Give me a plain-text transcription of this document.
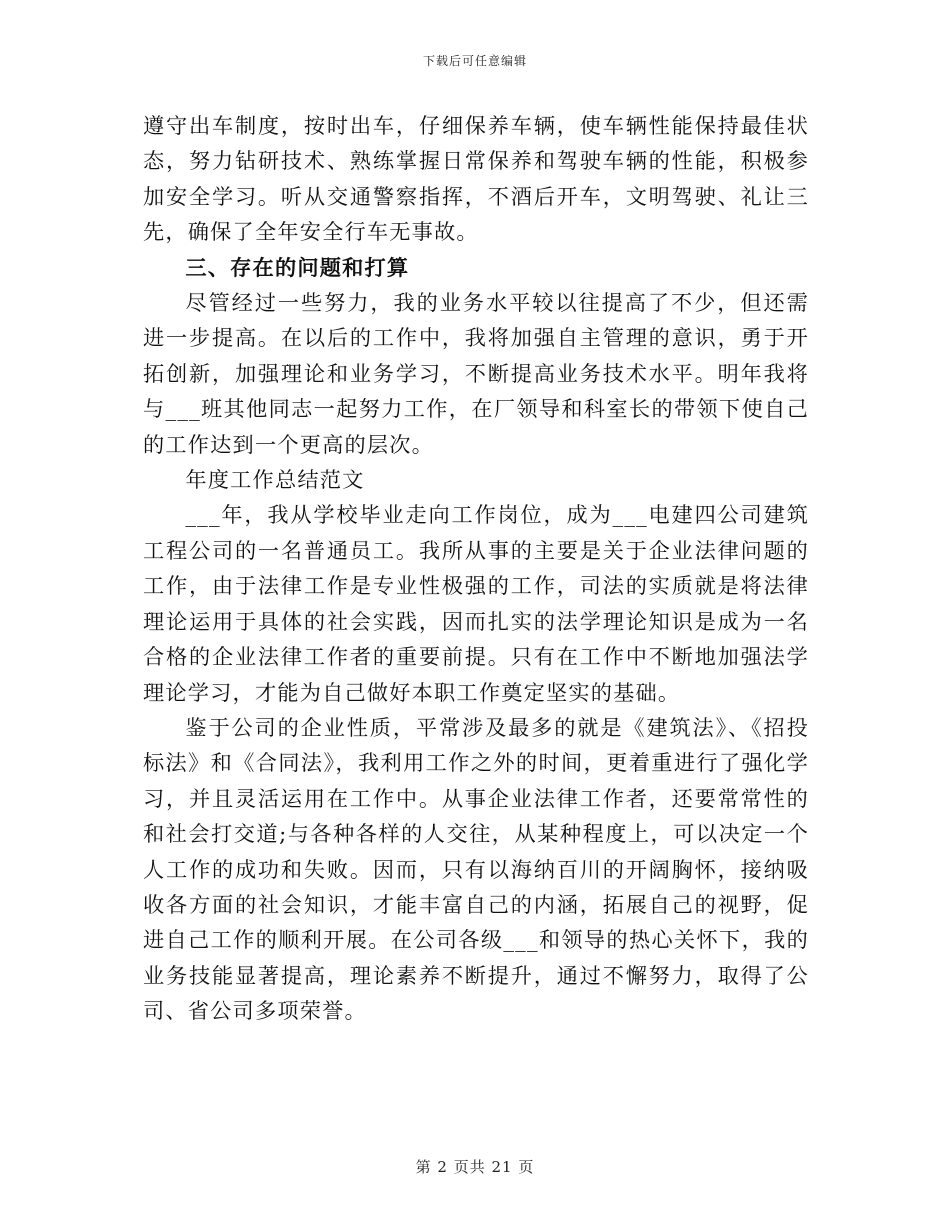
下载后可任意编辑

遵守出车制度，按时出车，仔细保养车辆，使车辆性能保持最佳状态，努力钻研技术、熟练掌握日常保养和驾驶车辆的性能，积极参加安全学习。听从交通警察指挥，不酒后开车，文明驾驶、礼让三先，确保了全年安全行车无事故。

三、存在的问题和打算

尽管经过一些努力，我的业务水平较以往提高了不少，但还需进一步提高。在以后的工作中，我将加强自主管理的意识，勇于开拓创新，加强理论和业务学习，不断提高业务技术水平。明年我将与___班其他同志一起努力工作，在厂领导和科室长的带领下使自己的工作达到一个更高的层次。

年度工作总结范文

___年，我从学校毕业走向工作岗位，成为___电建四公司建筑工程公司的一名普通员工。我所从事的主要是关于企业法律问题的工作，由于法律工作是专业性极强的工作，司法的实质就是将法律理论运用于具体的社会实践，因而扎实的法学理论知识是成为一名合格的企业法律工作者的重要前提。只有在工作中不断地加强法学理论学习，才能为自己做好本职工作奠定坚实的基础。

鉴于公司的企业性质，平常涉及最多的就是《建筑法》、《招投标法》和《合同法》，我利用工作之外的时间，更着重进行了强化学习，并且灵活运用在工作中。从事企业法律工作者，还要常常性的和社会打交道;与各种各样的人交往，从某种程度上，可以决定一个人工作的成功和失败。因而，只有以海纳百川的开阔胸怀，接纳吸收各方面的社会知识，才能丰富自己的内涵，拓展自己的视野，促进自己工作的顺利开展。在公司各级___和领导的热心关怀下，我的业务技能显著提高，理论素养不断提升，通过不懈努力，取得了公司、省公司多项荣誉。

第 2 页共 21 页
